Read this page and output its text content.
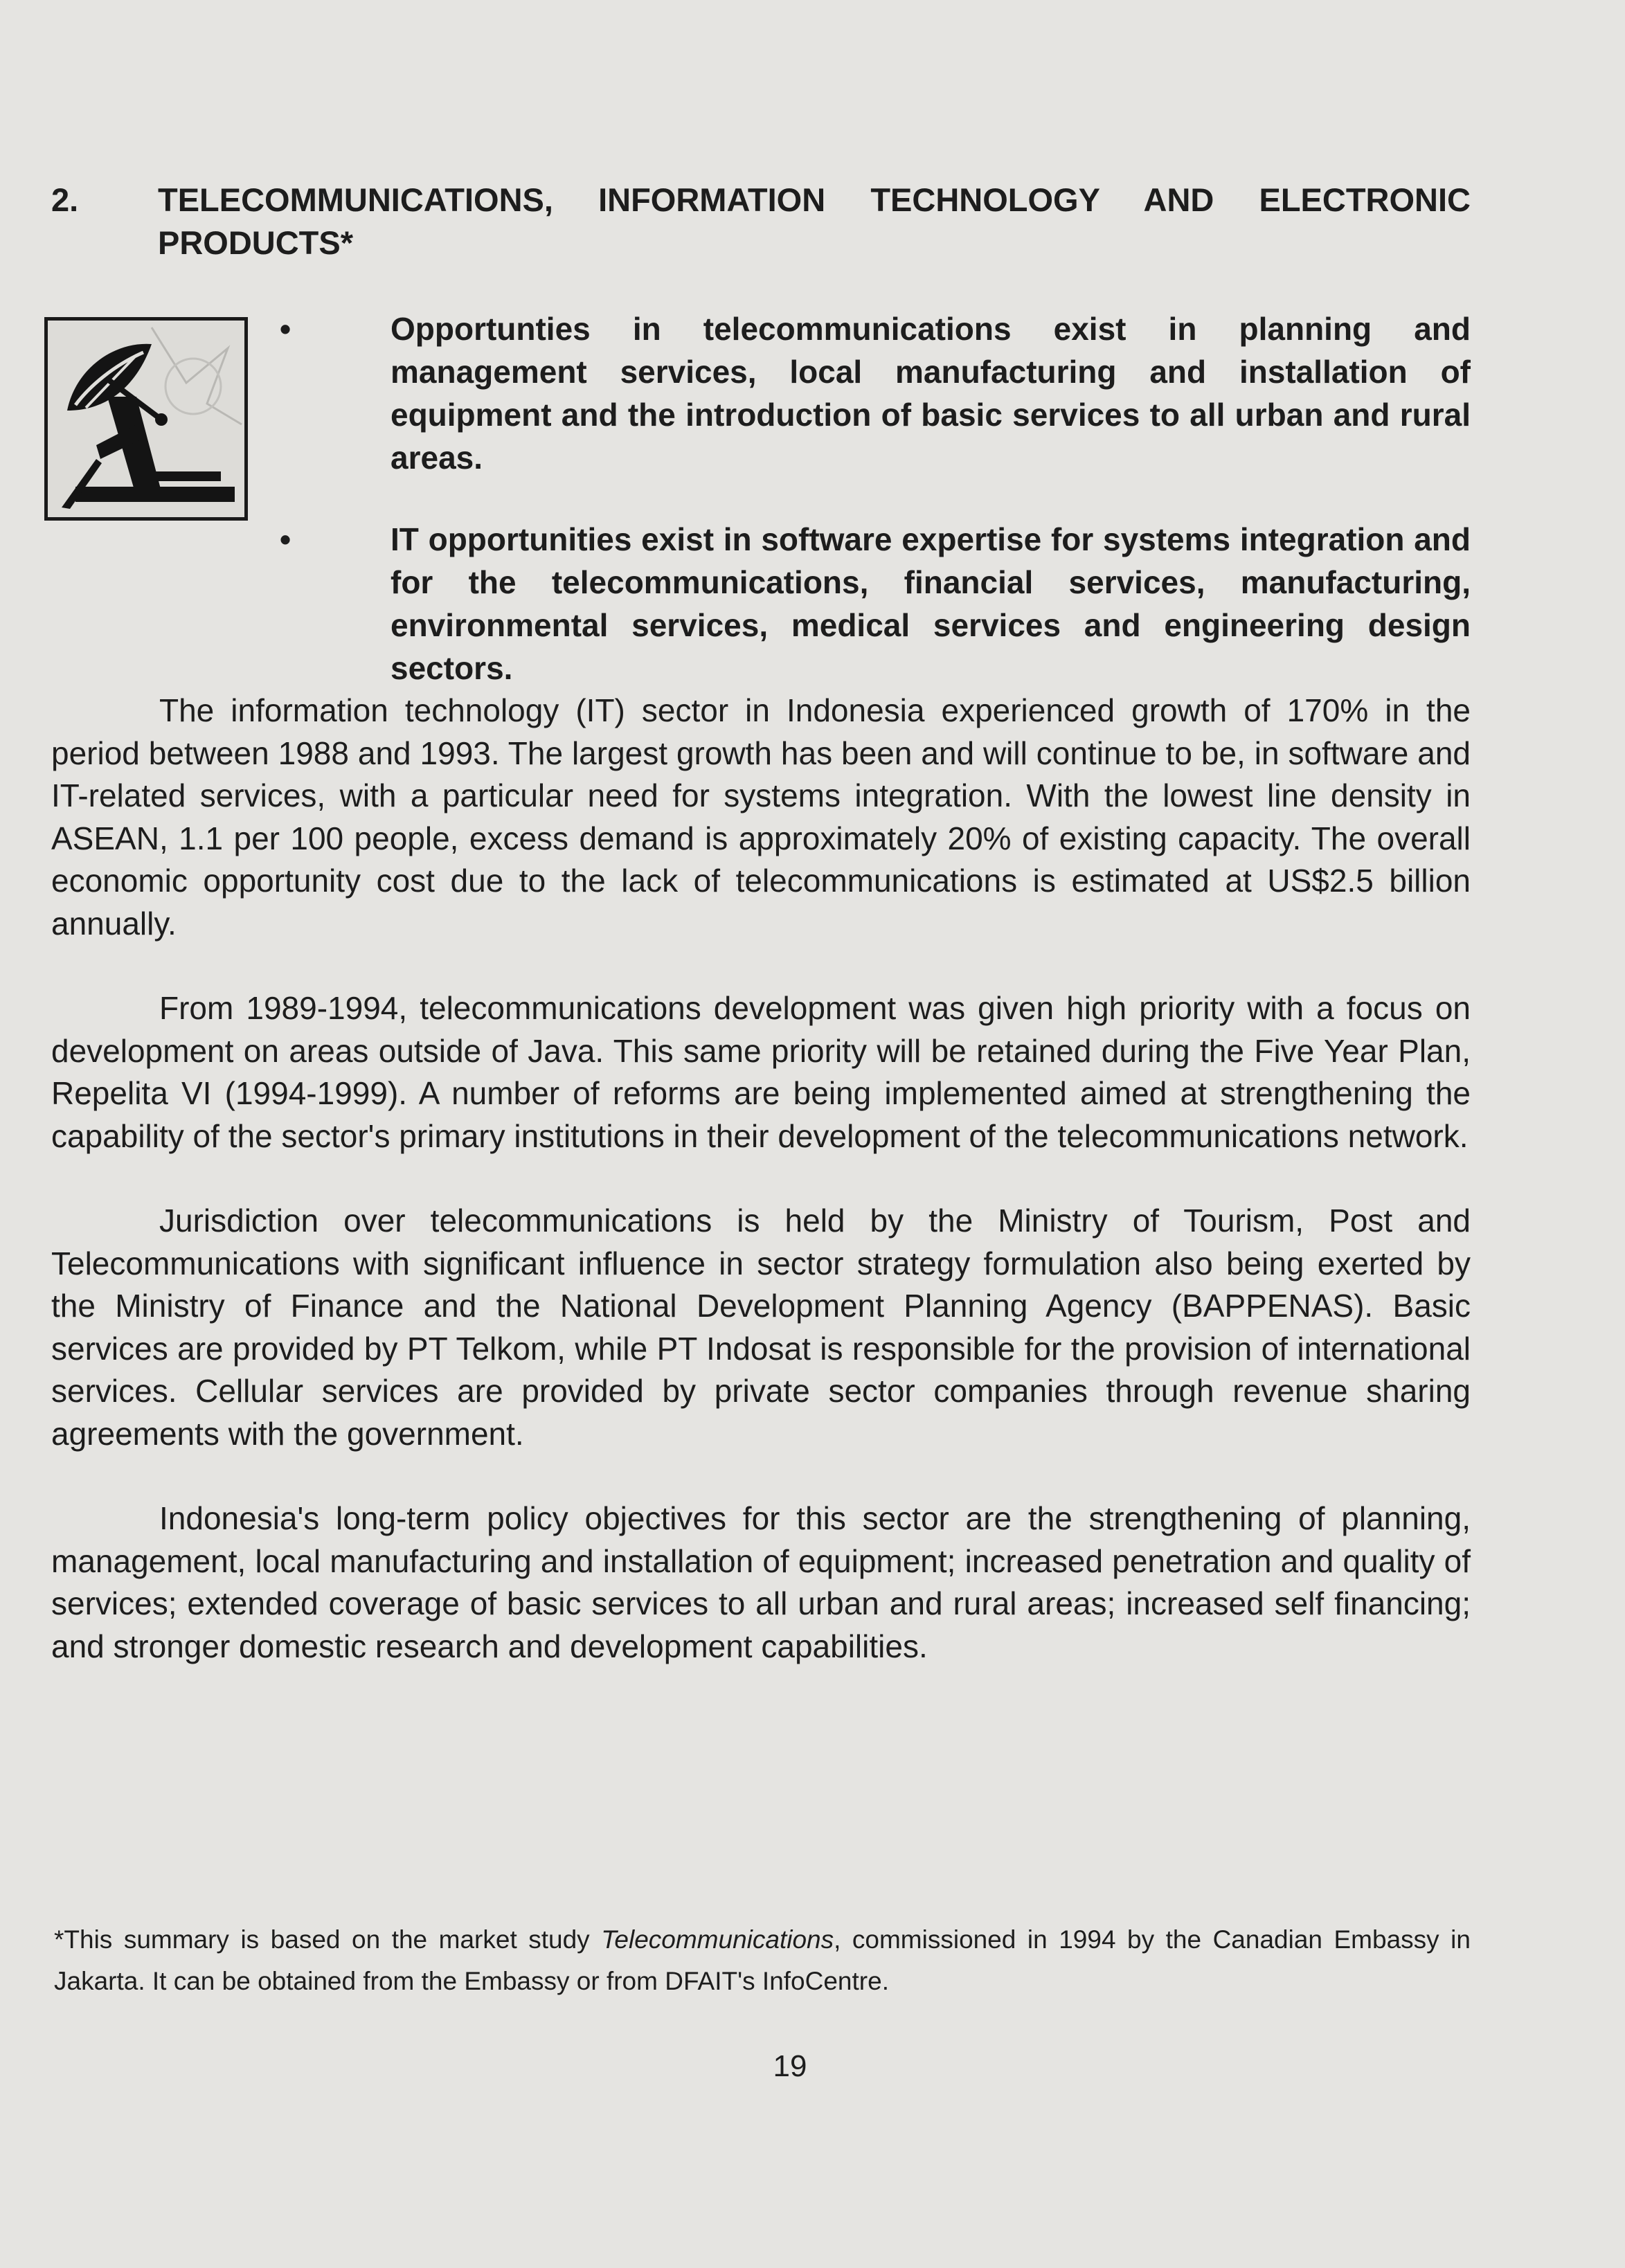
2. TELECOMMUNICATIONS, INFORMATION TECHNOLOGY AND ELECTRONIC PRODUCTS*

•	Opportunties in telecommunications exist in planning and management services, local manufacturing and installation of equipment and the introduction of basic services to all urban and rural areas.

•	IT opportunities exist in software expertise for systems integration and for the telecommunications, financial services, manufacturing, environmental services, medical services and engineering design sectors.

The information technology (IT) sector in Indonesia experienced growth of 170% in the period between 1988 and 1993. The largest growth has been and will continue to be, in software and IT-related services, with a particular need for systems integration. With the lowest line density in ASEAN, 1.1 per 100 people, excess demand is approximately 20% of existing capacity. The overall economic opportunity cost due to the lack of telecommunications is estimated at US$2.5 billion annually.

From 1989-1994, telecommunications development was given high priority with a focus on development on areas outside of Java. This same priority will be retained during the Five Year Plan, Repelita VI (1994-1999). A number of reforms are being implemented aimed at strengthening the capability of the sector's primary institutions in their development of the telecommunications network.

Jurisdiction over telecommunications is held by the Ministry of Tourism, Post and Telecommunications with significant influence in sector strategy formulation also being exerted by the Ministry of Finance and the National Development Planning Agency (BAPPENAS). Basic services are provided by PT Telkom, while PT Indosat is responsible for the provision of international services. Cellular services are provided by private sector companies through revenue sharing agreements with the government.

Indonesia's long-term policy objectives for this sector are the strengthening of planning, management, local manufacturing and installation of equipment; increased penetration and quality of services; extended coverage of basic services to all urban and rural areas; increased self financing; and stronger domestic research and development capabilities.

*This summary is based on the market study Telecommunications, commissioned in 1994 by the Canadian Embassy in Jakarta. It can be obtained from the Embassy or from DFAIT's InfoCentre.
19
